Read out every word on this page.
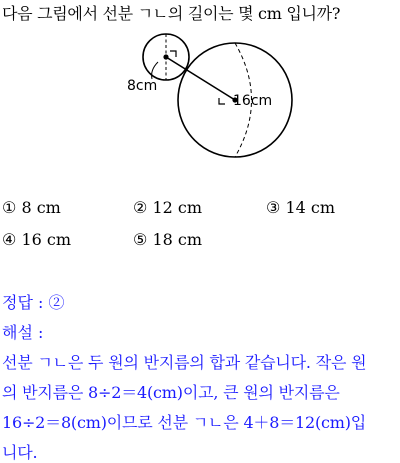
다음 그림에서 선분 ㄱㄴ의 길이는 몇 cm 입니까?
8cm
16cm
① 8 cm	② 12 cm	③ 14 cm
④ 16 cm	⑤ 18 cm
정답 : ②
해설 :
선분 ㄱㄴ은 두 원의 반지름의 합과 같습니다. 작은 원
의 반지름은 8÷2＝4(cm)이고, 큰 원의 반지름은
16÷2＝8(cm)이므로 선분 ㄱㄴ은 4＋8＝12(cm)입
니다.
